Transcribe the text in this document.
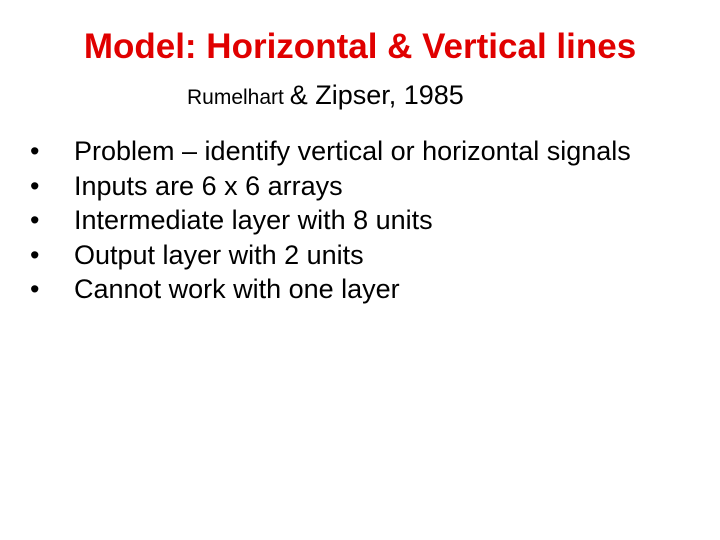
Model: Horizontal & Vertical lines
Rumelhart & Zipser, 1985
• Problem – identify vertical or horizontal signals
• Inputs are 6 x 6 arrays
• Intermediate layer with 8 units
• Output layer with 2 units
• Cannot work with one layer
